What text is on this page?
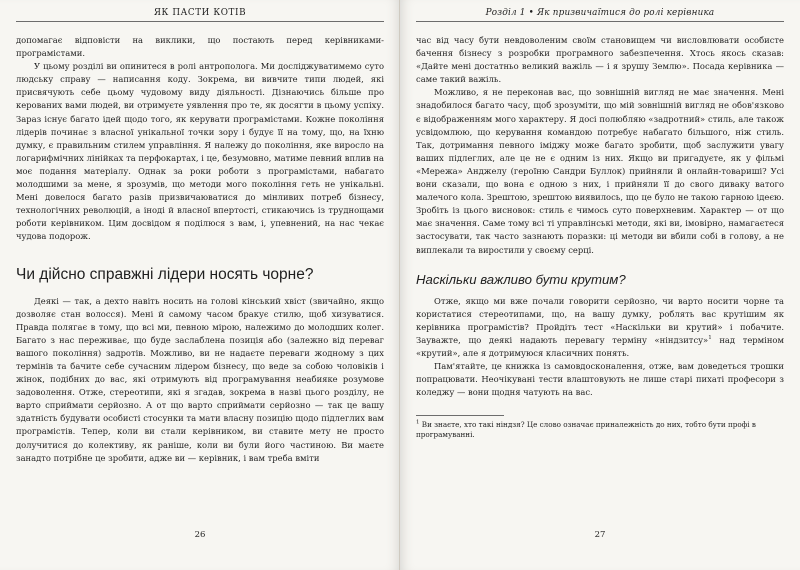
ЯК ПАСТИ КОТІВ

допомагає відповісти на виклики, що постають перед керівниками-програмістами.

У цьому розділі ви опинитеся в ролі антрополога. Ми досліджуватимемо суто людську справу — написання коду. Зокрема, ви вивчите типи людей, які присвячують себе цьому чудовому виду діяльності. Дізнаючись більше про керованих вами людей, ви отримуєте уявлення про те, як досягти в цьому успіху. Зараз існує багато ідей щодо того, як керувати програмістами. Кожне покоління лідерів починає з власної унікальної точки зору і будує її на тому, що, на їхню думку, є правильним стилем управління. Я належу до покоління, яке виросло на логарифмічних лінійках та перфокартах, і це, безумовно, матиме певний вплив на моє подання матеріалу. Однак за роки роботи з програмістами, набагато молодшими за мене, я зрозумів, що методи мого покоління геть не унікальні. Мені довелося багато разів призвичаюватися до мінливих потреб бізнесу, технологічних революцій, а іноді й власної впертості, стикаючись із труднощами роботи керівником. Цим досвідом я поділюся з вам, і, упевнений, на нас чекає чудова подорож.

Чи дійсно справжні лідери носять чорне?

Деякі — так, а дехто навіть носить на голові кінський хвіст (звичайно, якщо дозволяє стан волосся). Мені й самому часом бракує стилю, щоб хизуватися. Правда полягає в тому, що всі ми, певною мірою, належимо до молодших колег. Багато з нас переживає, що буде заслаблена позиція або (залежно від переваг вашого покоління) задротів. Можливо, ви не надаєте переваги жодному з цих термінів та бачите себе сучасним лідером бізнесу, що веде за собою чоловіків і жінок, подібних до вас, які отримують від програмування неабияке розумове задоволення. Отже, стереотипи, які я згадав, зокрема в назві цього розділу, не варто сприймати серйозно. А от що варто сприймати серйозно — так це вашу здатність будувати особисті стосунки та мати власну позицію щодо підлеглих вам програмістів. Тепер, коли ви стали керівником, ви ставите мету не просто долучитися до колективу, як раніше, коли ви були його частиною. Ви маєте занадто потрібне це зробити, адже ви — керівник, і вам треба вміти

26
Розділ 1 • Як призвичаїтися до ролі керівника

час від часу бути невдоволеним своїм становищем чи висловлювати особисте бачення бізнесу з розробки програмного забезпечення. Хтось якось сказав: «Дайте мені достатньо великий важіль — і я зрушу Землю». Посада керівника — саме такий важіль.

Можливо, я не переконав вас, що зовнішній вигляд не має значення. Мені знадобилося багато часу, щоб зрозуміти, що мій зовнішній вигляд не обов'язково є відображенням мого характеру. Я досі полюбляю «задротний» стиль, але також усвідомлюю, що керування командою потребує набагато більшого, ніж стиль. Так, дотримання певного іміджу може багато зробити, щоб заслужити увагу ваших підлеглих, але це не є одним із них. Якщо ви пригадуєте, як у фільмі «Мережа» Анджелу (героїню Сандри Буллок) прийняли й онлайн-товариші? Усі вони сказали, що вона є одною з них, і прийняли її до свого диваку ватого малечого кола. Зрештою, зрештою виявилось, що це було не такою гарною ідеєю. Зробіть із цього висновок: стиль є чимось суто поверхневим. Характер — от що має значення. Саме тому всі ті управлінські методи, які ви, імовірно, намагаєтеся застосувати, так часто зазнають поразки: ці методи ви вбили собі в голову, а не виплекали та виростили у своєму серці.

Наскільки важливо бути крутим?

Отже, якщо ми вже почали говорити серйозно, чи варто носити чорне та користатися стереотипами, що, на вашу думку, роблять вас крутішим як керівника програмістів? Пройдіть тест «Наскільки ви крутий» і побачите. Зауважте, що деякі надають перевагу терміну «ніндзитсу»$^1$ над терміном «крутий», але я дотримуюся класичних понять.

Пам'ятайте, це книжка із самовдосконалення, отже, вам доведеться трошки попрацювати. Неочікувані тести влаштовують не лише старі пихаті професори з коледжу — вони щодня чатують на вас.

$^1$ Ви знаєте, хто такі ніндзя? Це слово означає приналежність до них, тобто бути профі в програмуванні.

27
